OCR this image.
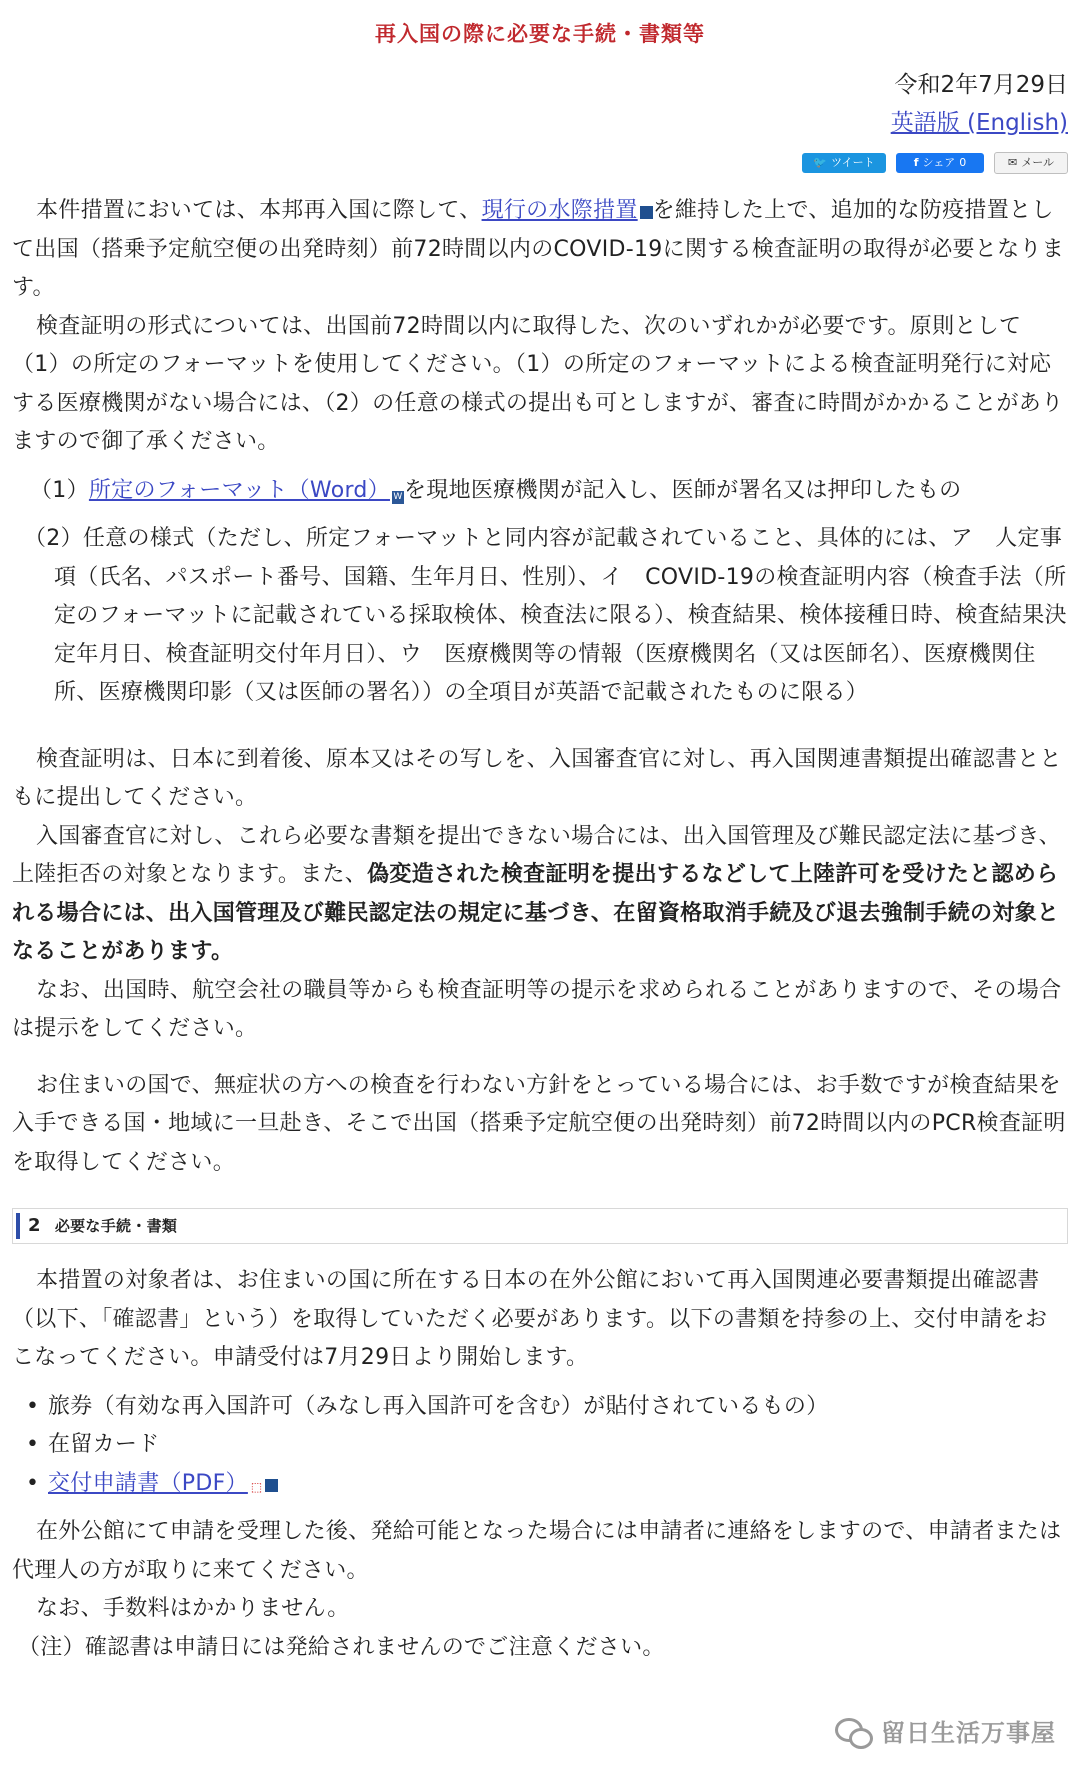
再入国の際に必要な手続・書類等
令和2年7月29日
英語版 (English)
🐦 ツイート	f シェア 0	✉ メール

本件措置においては、本邦再入国に際して、現行の水際措置 を維持した上で、追加的な防疫措置として出国（搭乗予定航空便の出発時刻）前72時間以内のCOVID-19に関する検査証明の取得が必要となります。

検査証明の形式については、出国前72時間以内に取得した、次のいずれかが必要です。原則として（1）の所定のフォーマットを使用してください。（1）の所定のフォーマットによる検査証明発行に対応する医療機関がない場合には、（2）の任意の様式の提出も可としますが、審査に時間がかかることがありますので御了承ください。

（1）所定のフォーマット（Word） Wを現地医療機関が記入し、医師が署名又は押印したもの

（2）任意の様式（ただし、所定フォーマットと同内容が記載されていること、具体的には、ア　人定事項（氏名、パスポート番号、国籍、生年月日、性別）、イ　COVID-19の検査証明内容（検査手法（所定のフォーマットに記載されている採取検体、検査法に限る）、検査結果、検体接種日時、検査結果決定年月日、検査証明交付年月日）、ウ　医療機関等の情報（医療機関名（又は医師名）、医療機関住所、医療機関印影（又は医師の署名））の全項目が英語で記載されたものに限る）

検査証明は、日本に到着後、原本又はその写しを、入国審査官に対し、再入国関連書類提出確認書とともに提出してください。

入国審査官に対し、これら必要な書類を提出できない場合には、出入国管理及び難民認定法に基づき、上陸拒否の対象となります。また、偽変造された検査証明を提出するなどして上陸許可を受けたと認められる場合には、出入国管理及び難民認定法の規定に基づき、在留資格取消手続及び退去強制手続の対象となることがあります。

なお、出国時、航空会社の職員等からも検査証明等の提示を求められることがありますので、その場合は提示をしてください。

お住まいの国で、無症状の方への検査を行わない方針をとっている場合には、お手数ですが検査結果を入手できる国・地域に一旦赴き、そこで出国（搭乗予定航空便の出発時刻）前72時間以内のPCR検査証明を取得してください。

2 必要な手続・書類

本措置の対象者は、お住まいの国に所在する日本の在外公館において再入国関連必要書類提出確認書（以下、「確認書」という）を取得していただく必要があります。以下の書類を持参の上、交付申請をおこなってください。申請受付は7月29日より開始します。

• 旅券（有効な再入国許可（みなし再入国許可を含む）が貼付されているもの）
• 在留カード
• 交付申請書（PDF） ⬚

在外公館にて申請を受理した後、発給可能となった場合には申請者に連絡をしますので、申請者または代理人の方が取りに来てください。

なお、手数料はかかりません。

（注）確認書は申請日には発給されませんのでご注意ください。

留日生活万事屋
